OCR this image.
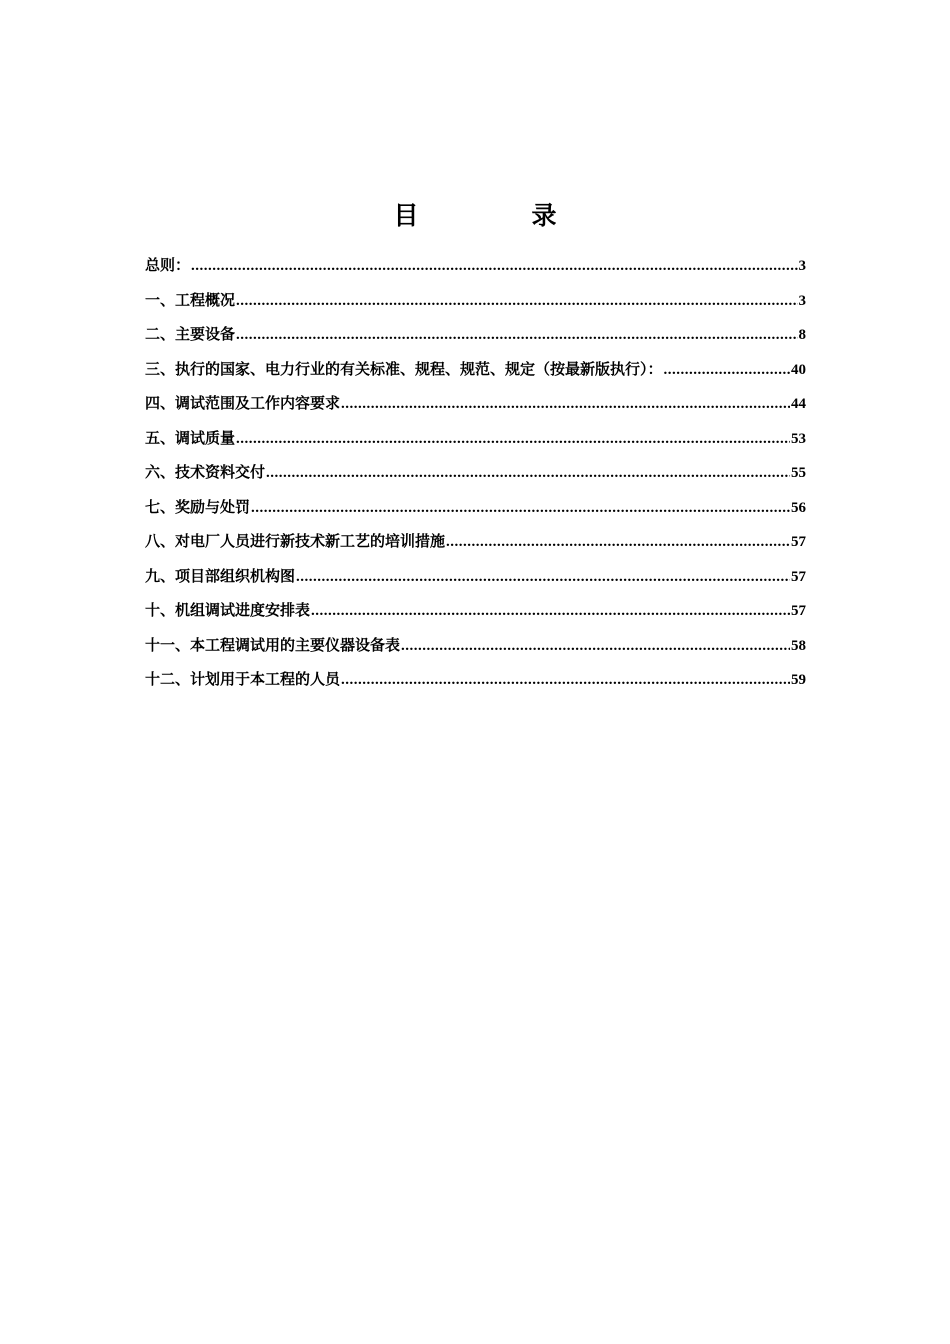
目　录
总则： .....	3
一、工程概况 .....	3
二、主要设备 .....	8
三、执行的国家、电力行业的有关标准、规程、规范、规定（按最新版执行）： .....	40
四、调试范围及工作内容要求 .....	44
五、调试质量 .....	53
六、技术资料交付 .....	55
七、奖励与处罚 .....	56
八、对电厂人员进行新技术新工艺的培训措施 .....	57
九、项目部组织机构图 .....	57
十、机组调试进度安排表 .....	57
十一、本工程调试用的主要仪器设备表 .....	58
十二、计划用于本工程的人员 .....	59
